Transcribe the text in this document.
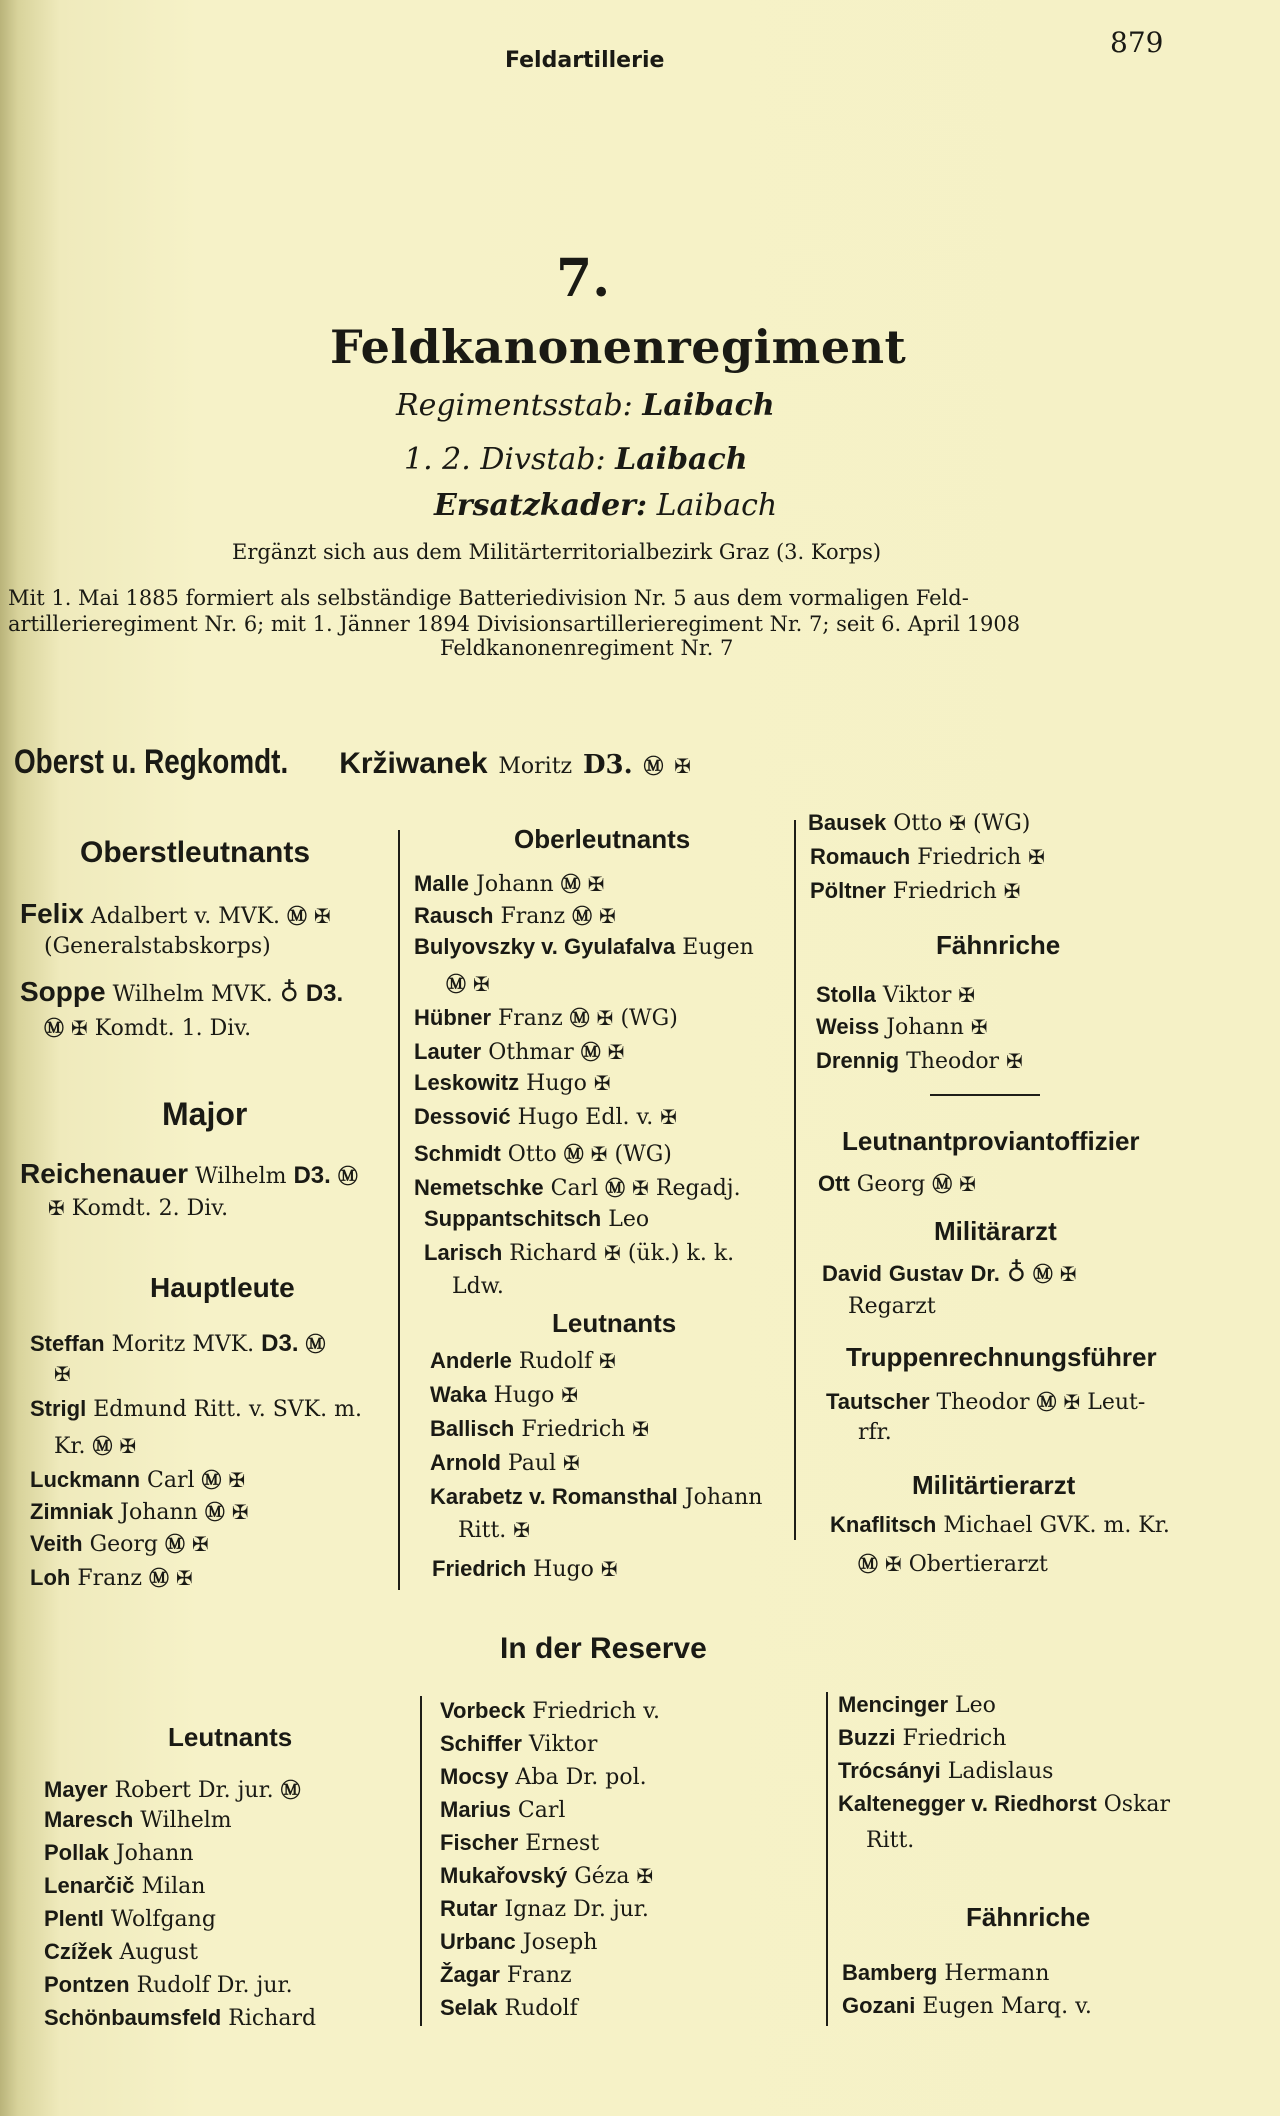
Feldartillerie
879
7.
Feldkanonenregiment
Regimentsstab: Laibach
1. 2. Divstab: Laibach
Ersatzkader: Laibach
Ergänzt sich aus dem Militärterritorialbezirk Graz (3. Korps)
Mit 1. Mai 1885 formiert als selbständige Batteriedivision Nr. 5 aus dem vormaligen Feld-
artillerieregiment Nr. 6; mit 1. Jänner 1894 Divisionsartillerieregiment Nr. 7; seit 6. April 1908
Feldkanonenregiment Nr. 7
Oberst u. Regkomdt. Kržiwanek Moritz D3. Ⓜ ✠
Oberstleutnants
Felix Adalbert v. MVK. Ⓜ ✠
(Generalstabskorps)
Soppe Wilhelm MVK. ♁ D3.
Ⓜ ✠ Komdt. 1. Div.
Major
Reichenauer Wilhelm D3. Ⓜ
✠ Komdt. 2. Div.
Hauptleute
Steffan Moritz MVK. D3. Ⓜ
✠
Strigl Edmund Ritt. v. SVK. m.
Kr. Ⓜ ✠
Luckmann Carl Ⓜ ✠
Zimniak Johann Ⓜ ✠
Veith Georg Ⓜ ✠
Loh Franz Ⓜ ✠
Oberleutnants
Malle Johann Ⓜ ✠
Rausch Franz Ⓜ ✠
Bulyovszky v. Gyulafalva Eugen
Ⓜ ✠
Hübner Franz Ⓜ ✠ (WG)
Lauter Othmar Ⓜ ✠
Leskowitz Hugo ✠
Dessović Hugo Edl. v. ✠
Schmidt Otto Ⓜ ✠ (WG)
Nemetschke Carl Ⓜ ✠ Regadj.
Suppantschitsch Leo
Larisch Richard ✠ (ük.) k. k.
Ldw.
Leutnants
Anderle Rudolf ✠
Waka Hugo ✠
Ballisch Friedrich ✠
Arnold Paul ✠
Karabetz v. Romansthal Johann
Ritt. ✠
Friedrich Hugo ✠
Bausek Otto ✠ (WG)
Romauch Friedrich ✠
Pöltner Friedrich ✠
Fähnriche
Stolla Viktor ✠
Weiss Johann ✠
Drennig Theodor ✠
Leutnantproviantoffizier
Ott Georg Ⓜ ✠
Militärarzt
David Gustav Dr. ♁ Ⓜ ✠
Regarzt
Truppenrechnungsführer
Tautscher Theodor Ⓜ ✠ Leut-
rfr.
Militärtierarzt
Knaflitsch Michael GVK. m. Kr.
Ⓜ ✠ Obertierarzt
In der Reserve
Leutnants
Mayer Robert Dr. jur. Ⓜ
Maresch Wilhelm
Pollak Johann
Lenarčič Milan
Plentl Wolfgang
Czížek August
Pontzen Rudolf Dr. jur.
Schönbaumsfeld Richard
Vorbeck Friedrich v.
Schiffer Viktor
Mocsy Aba Dr. pol.
Marius Carl
Fischer Ernest
Mukařovský Géza ✠
Rutar Ignaz Dr. jur.
Urbanc Joseph
Žagar Franz
Selak Rudolf
Mencinger Leo
Buzzi Friedrich
Trócsányi Ladislaus
Kaltenegger v. Riedhorst Oskar
Ritt.
Fähnriche
Bamberg Hermann
Gozani Eugen Marq. v.
